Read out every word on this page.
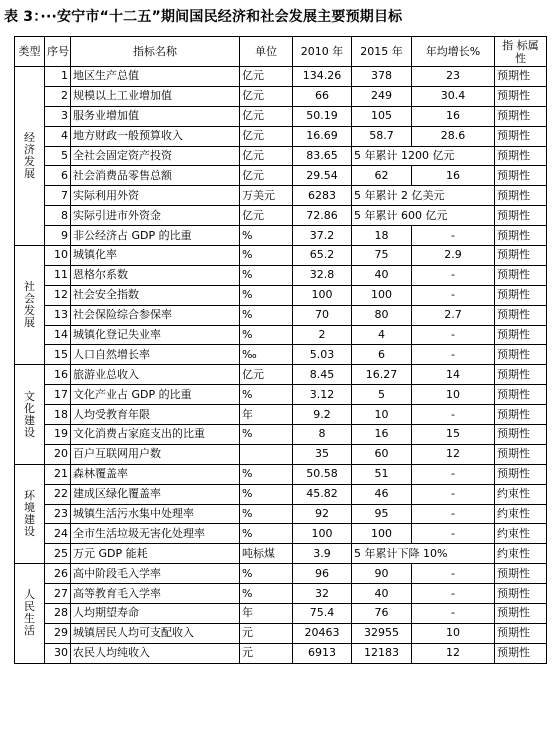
表 3：···安宁市“十二五”期间国民经济和社会发展主要预期目标
类型	序号	指标名称	单位	2010 年	2015 年	年均增长%	指 标属 性

经济发展	1	地区生产总值	亿元	134.26	378	23	预期性
	2	规模以上工业增加值	亿元	66	249	30.4	预期性
	3	服务业增加值	亿元	50.19	105	16	预期性
	4	地方财政一般预算收入	亿元	16.69	58.7	28.6	预期性
	5	全社会固定资产投资	亿元	83.65	5 年累计 1200 亿元		预期性
	6	社会消费品零售总额	亿元	29.54	62	16	预期性
	7	实际利用外资	万美元	6283	5 年累计 2 亿美元		预期性
	8	实际引进市外资金	亿元	72.86	5 年累计 600 亿元		预期性
	9	非公经济占 GDP 的比重	%	37.2	18	-	预期性

社会发展	10	城镇化率	%	65.2	75	2.9	预期性
	11	恩格尔系数	%	32.8	40	-	预期性
	12	社会安全指数	%	100	100	-	预期性
	13	社会保险综合参保率	%	70	80	2.7	预期性
	14	城镇化登记失业率	%	2	4	-	预期性
	15	人口自然增长率	‰	5.03	6	-	预期性

文化建设	16	旅游业总收入	亿元	8.45	16.27	14	预期性
	17	文化产业占 GDP 的比重	%	3.12	5	10	预期性
	18	人均受教育年限	年	9.2	10	-	预期性
	19	文化消费占家庭支出的比重	%	8	16	15	预期性
	20	百户互联网用户数		35	60	12	预期性

环境建设	21	森林覆盖率	%	50.58	51	-	预期性
	22	建成区绿化覆盖率	%	45.82	46	-	约束性
	23	城镇生活污水集中处理率	%	92	95	-	约束性
	24	全市生活垃圾无害化处理率	%	100	100	-	约束性
	25	万元 GDP 能耗	吨标煤	3.9	5 年累计下降 10%		约束性

人民生活	26	高中阶段毛入学率	%	96	90	-	预期性
	27	高等教育毛入学率	%	32	40	-	预期性
	28	人均期望寿命	年	75.4	76	-	预期性
	29	城镇居民人均可支配收入	元	20463	32955	10	预期性
	30	农民人均纯收入	元	6913	12183	12	预期性
